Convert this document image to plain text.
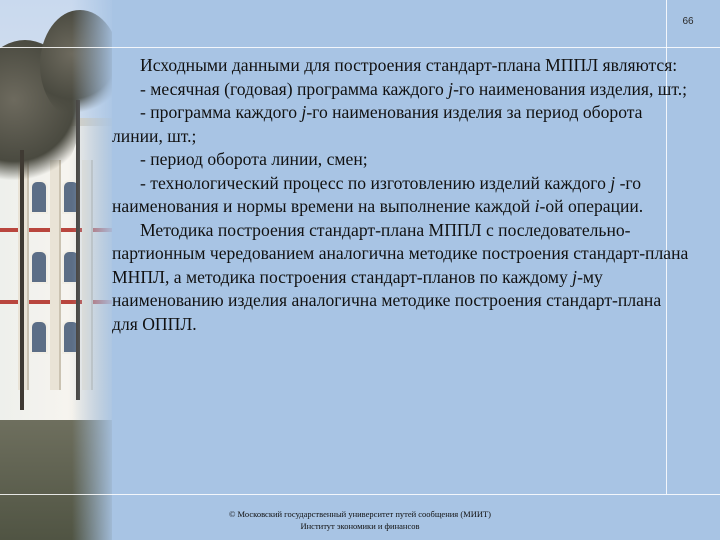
66

Исходными данными для построения стандарт-плана МППЛ являются:

- месячная (годовая) программа каждого j-го наименования изделия, шт.;

- программа каждого j-го наименования изделия за период оборота линии, шт.;

- период оборота линии, смен;

- технологический процесс по изготовлению изделий каждого j -го наименования и нормы времени на выполнение каждой i-ой операции.

Методика построения стандарт-плана МППЛ с последовательно-партионным чередованием аналогична методике построения стандарт-плана МНПЛ, а методика построения стандарт-планов по каждому j-му наименованию изделия аналогична методике построения стандарт-плана для ОППЛ.

© Московский государственный университет путей сообщения (МИИТ)
Институт экономики и финансов
